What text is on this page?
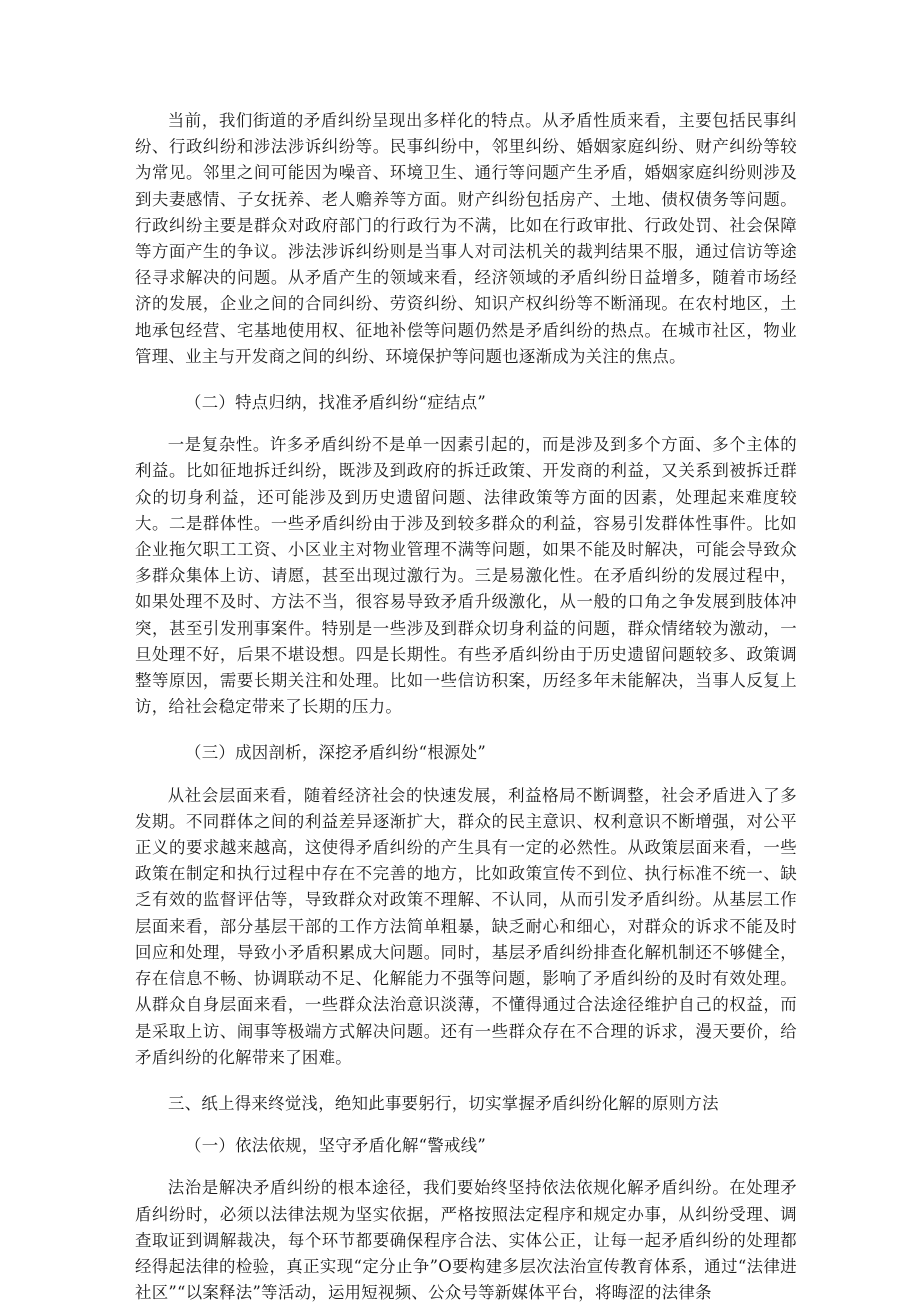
当前，我们街道的矛盾纠纷呈现出多样化的特点。从矛盾性质来看，主要包括民事纠纷、行政纠纷和涉法涉诉纠纷等。民事纠纷中，邻里纠纷、婚姻家庭纠纷、财产纠纷等较为常见。邻里之间可能因为噪音、环境卫生、通行等问题产生矛盾，婚姻家庭纠纷则涉及到夫妻感情、子女抚养、老人赡养等方面。财产纠纷包括房产、土地、债权债务等问题。行政纠纷主要是群众对政府部门的行政行为不满，比如在行政审批、行政处罚、社会保障等方面产生的争议。涉法涉诉纠纷则是当事人对司法机关的裁判结果不服，通过信访等途径寻求解决的问题。从矛盾产生的领域来看，经济领域的矛盾纠纷日益增多，随着市场经济的发展，企业之间的合同纠纷、劳资纠纷、知识产权纠纷等不断涌现。在农村地区，土地承包经营、宅基地使用权、征地补偿等问题仍然是矛盾纠纷的热点。在城市社区，物业管理、业主与开发商之间的纠纷、环境保护等问题也逐渐成为关注的焦点。

（二）特点归纳，找准矛盾纠纷“症结点”

一是复杂性。许多矛盾纠纷不是单一因素引起的，而是涉及到多个方面、多个主体的利益。比如征地拆迁纠纷，既涉及到政府的拆迁政策、开发商的利益，又关系到被拆迁群众的切身利益，还可能涉及到历史遗留问题、法律政策等方面的因素，处理起来难度较大。二是群体性。一些矛盾纠纷由于涉及到较多群众的利益，容易引发群体性事件。比如企业拖欠职工工资、小区业主对物业管理不满等问题，如果不能及时解决，可能会导致众多群众集体上访、请愿，甚至出现过激行为。三是易激化性。在矛盾纠纷的发展过程中，如果处理不及时、方法不当，很容易导致矛盾升级激化，从一般的口角之争发展到肢体冲突，甚至引发刑事案件。特别是一些涉及到群众切身利益的问题，群众情绪较为激动，一旦处理不好，后果不堪设想。四是长期性。有些矛盾纠纷由于历史遗留问题较多、政策调整等原因，需要长期关注和处理。比如一些信访积案，历经多年未能解决，当事人反复上访，给社会稳定带来了长期的压力。

（三）成因剖析，深挖矛盾纠纷“根源处”

从社会层面来看，随着经济社会的快速发展，利益格局不断调整，社会矛盾进入了多发期。不同群体之间的利益差异逐渐扩大，群众的民主意识、权利意识不断增强，对公平正义的要求越来越高，这使得矛盾纠纷的产生具有一定的必然性。从政策层面来看，一些政策在制定和执行过程中存在不完善的地方，比如政策宣传不到位、执行标准不统一、缺乏有效的监督评估等，导致群众对政策不理解、不认同，从而引发矛盾纠纷。从基层工作层面来看，部分基层干部的工作方法简单粗暴，缺乏耐心和细心，对群众的诉求不能及时回应和处理，导致小矛盾积累成大问题。同时，基层矛盾纠纷排查化解机制还不够健全，存在信息不畅、协调联动不足、化解能力不强等问题，影响了矛盾纠纷的及时有效处理。从群众自身层面来看，一些群众法治意识淡薄，不懂得通过合法途径维护自己的权益，而是采取上访、闹事等极端方式解决问题。还有一些群众存在不合理的诉求，漫天要价，给矛盾纠纷的化解带来了困难。

三、纸上得来终觉浅，绝知此事要躬行，切实掌握矛盾纠纷化解的原则方法

（一）依法依规，坚守矛盾化解“警戒线”

法治是解决矛盾纠纷的根本途径，我们要始终坚持依法依规化解矛盾纠纷。在处理矛盾纠纷时，必须以法律法规为坚实依据，严格按照法定程序和规定办事，从纠纷受理、调查取证到调解裁决，每个环节都要确保程序合法、实体公正，让每一起矛盾纠纷的处理都经得起法律的检验，真正实现“定分止争”O要构建多层次法治宣传教育体系，通过“法律进社区”“以案释法”等活动，运用短视频、公众号等新媒体平台，将晦涩的法律条
